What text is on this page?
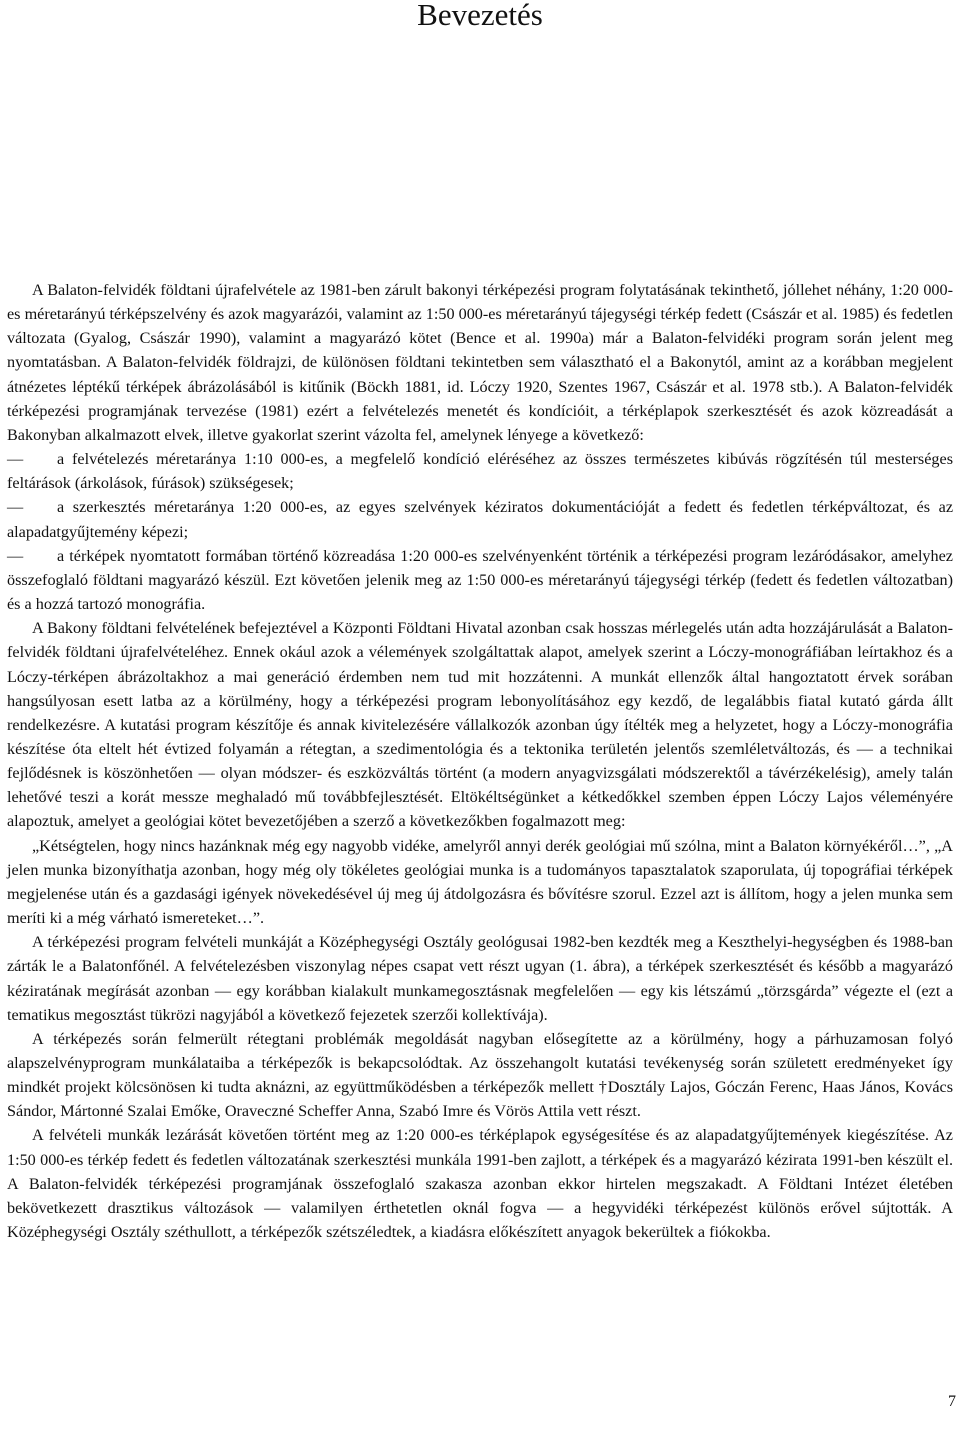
Bevezetés

A Balaton-felvidék földtani újrafelvétele az 1981-ben zárult bakonyi térképezési program folytatásának tekinthető, jóllehet néhány, 1:20 000-es méretarányú térképszelvény és azok magyarázói, valamint az 1:50 000-es méretarányú tájegységi térkép fedett (Császár et al. 1985) és fedetlen változata (Gyalog, Császár 1990), valamint a magyarázó kötet (Bence et al. 1990a) már a Balaton-felvidéki program során jelent meg nyomtatásban. A Balaton-felvidék földrajzi, de különösen földtani tekintetben sem választható el a Bakonytól, amint az a korábban megjelent átnézetes léptékű térképek ábrázolásából is kitűnik (Böckh 1881, id. Lóczy 1920, Szentes 1967, Császár et al. 1978 stb.). A Balaton-felvidék térképezési programjának tervezése (1981) ezért a felvételezés menetét és kondícióit, a térképlapok szerkesztését és azok közreadását a Bakonyban alkalmazott elvek, illetve gyakorlat szerint vázolta fel, amelynek lényege a következő:

— a felvételezés méretaránya 1:10 000-es, a megfelelő kondíció eléréséhez az összes természetes kibúvás rögzítésén túl mesterséges feltárások (árkolások, fúrások) szükségesek;

— a szerkesztés méretaránya 1:20 000-es, az egyes szelvények kéziratos dokumentációját a fedett és fedetlen térképváltozat, és az alapadatgyűjtemény képezi;

— a térképek nyomtatott formában történő közreadása 1:20 000-es szelvényenként történik a térképezési program lezáródásakor, amelyhez összefoglaló földtani magyarázó készül. Ezt követően jelenik meg az 1:50 000-es méretarányú tájegységi térkép (fedett és fedetlen változatban) és a hozzá tartozó monográfia.

A Bakony földtani felvételének befejeztével a Központi Földtani Hivatal azonban csak hosszas mérlegelés után adta hozzájárulását a Balaton-felvidék földtani újrafelvételéhez. Ennek okául azok a vélemények szolgáltattak alapot, amelyek szerint a Lóczy-monográfiában leírtakhoz és a Lóczy-térképen ábrázoltakhoz a mai generáció érdemben nem tud mit hozzátenni. A munkát ellenzők által hangoztatott érvek sorában hangsúlyosan esett latba az a körülmény, hogy a térképezési program lebonyolításához egy kezdő, de legalábbis fiatal kutató gárda állt rendelkezésre. A kutatási program készítője és annak kivitelezésére vállalkozók azonban úgy ítélték meg a helyzetet, hogy a Lóczy-monográfia készítése óta eltelt hét évtized folyamán a rétegtan, a szedimentológia és a tektonika területén jelentős szemléletváltozás, és — a technikai fejlődésnek is köszönhetően — olyan módszer- és eszközváltás történt (a modern anyagvizsgálati módszerektől a távérzékelésig), amely talán lehetővé teszi a korát messze meghaladó mű továbbfejlesztését. Eltökéltségünket a kétkedőkkel szemben éppen Lóczy Lajos véleményére alapoztuk, amelyet a geológiai kötet bevezetőjében a szerző a következőkben fogalmazott meg:

„Kétségtelen, hogy nincs hazánknak még egy nagyobb vidéke, amelyről annyi derék geológiai mű szólna, mint a Balaton környékéről…”, „A jelen munka bizonyíthatja azonban, hogy még oly tökéletes geológiai munka is a tudományos tapasztalatok szaporulata, új topográfiai térképek megjelenése után és a gazdasági igények növekedésével új meg új átdolgozásra és bővítésre szorul. Ezzel azt is állítom, hogy a jelen munka sem meríti ki a még várható ismereteket…”.

A térképezési program felvételi munkáját a Középhegységi Osztály geológusai 1982-ben kezdték meg a Keszthelyi-hegységben és 1988-ban zárták le a Balatonfőnél. A felvételezésben viszonylag népes csapat vett részt ugyan (1. ábra), a térképek szerkesztését és később a magyarázó kéziratának megírását azonban — egy korábban kialakult munkamegosztásnak megfelelően — egy kis létszámú „törzsgárda” végezte el (ezt a tematikus megosztást tükrözi nagyjából a következő fejezetek szerzői kollektívája).

A térképezés során felmerült rétegtani problémák megoldását nagyban elősegítette az a körülmény, hogy a párhuzamosan folyó alapszelvényprogram munkálataiba a térképezők is bekapcsolódtak. Az összehangolt kutatási tevékenység során született eredményeket így mindkét projekt kölcsönösen ki tudta aknázni, az együttműködésben a térképezők mellett †Dosztály Lajos, Góczán Ferenc, Haas János, Kovács Sándor, Mártonné Szalai Emőke, Oraveczné Scheffer Anna, Szabó Imre és Vörös Attila vett részt.

A felvételi munkák lezárását követően történt meg az 1:20 000-es térképlapok egységesítése és az alapadatgyűjtemények kiegészítése. Az 1:50 000-es térkép fedett és fedetlen változatának szerkesztési munkála 1991-ben zajlott, a térképek és a magyarázó kézirata 1991-ben készült el. A Balaton-felvidék térképezési programjának összefoglaló szakasza azonban ekkor hirtelen megszakadt. A Földtani Intézet életében bekövetkezett drasztikus változások — valamilyen érthetetlen oknál fogva — a hegyvidéki térképezést különös erővel sújtották. A Középhegységi Osztály széthullott, a térképezők szétszéledtek, a kiadásra előkészített anyagok bekerültek a fiókokba.

7
